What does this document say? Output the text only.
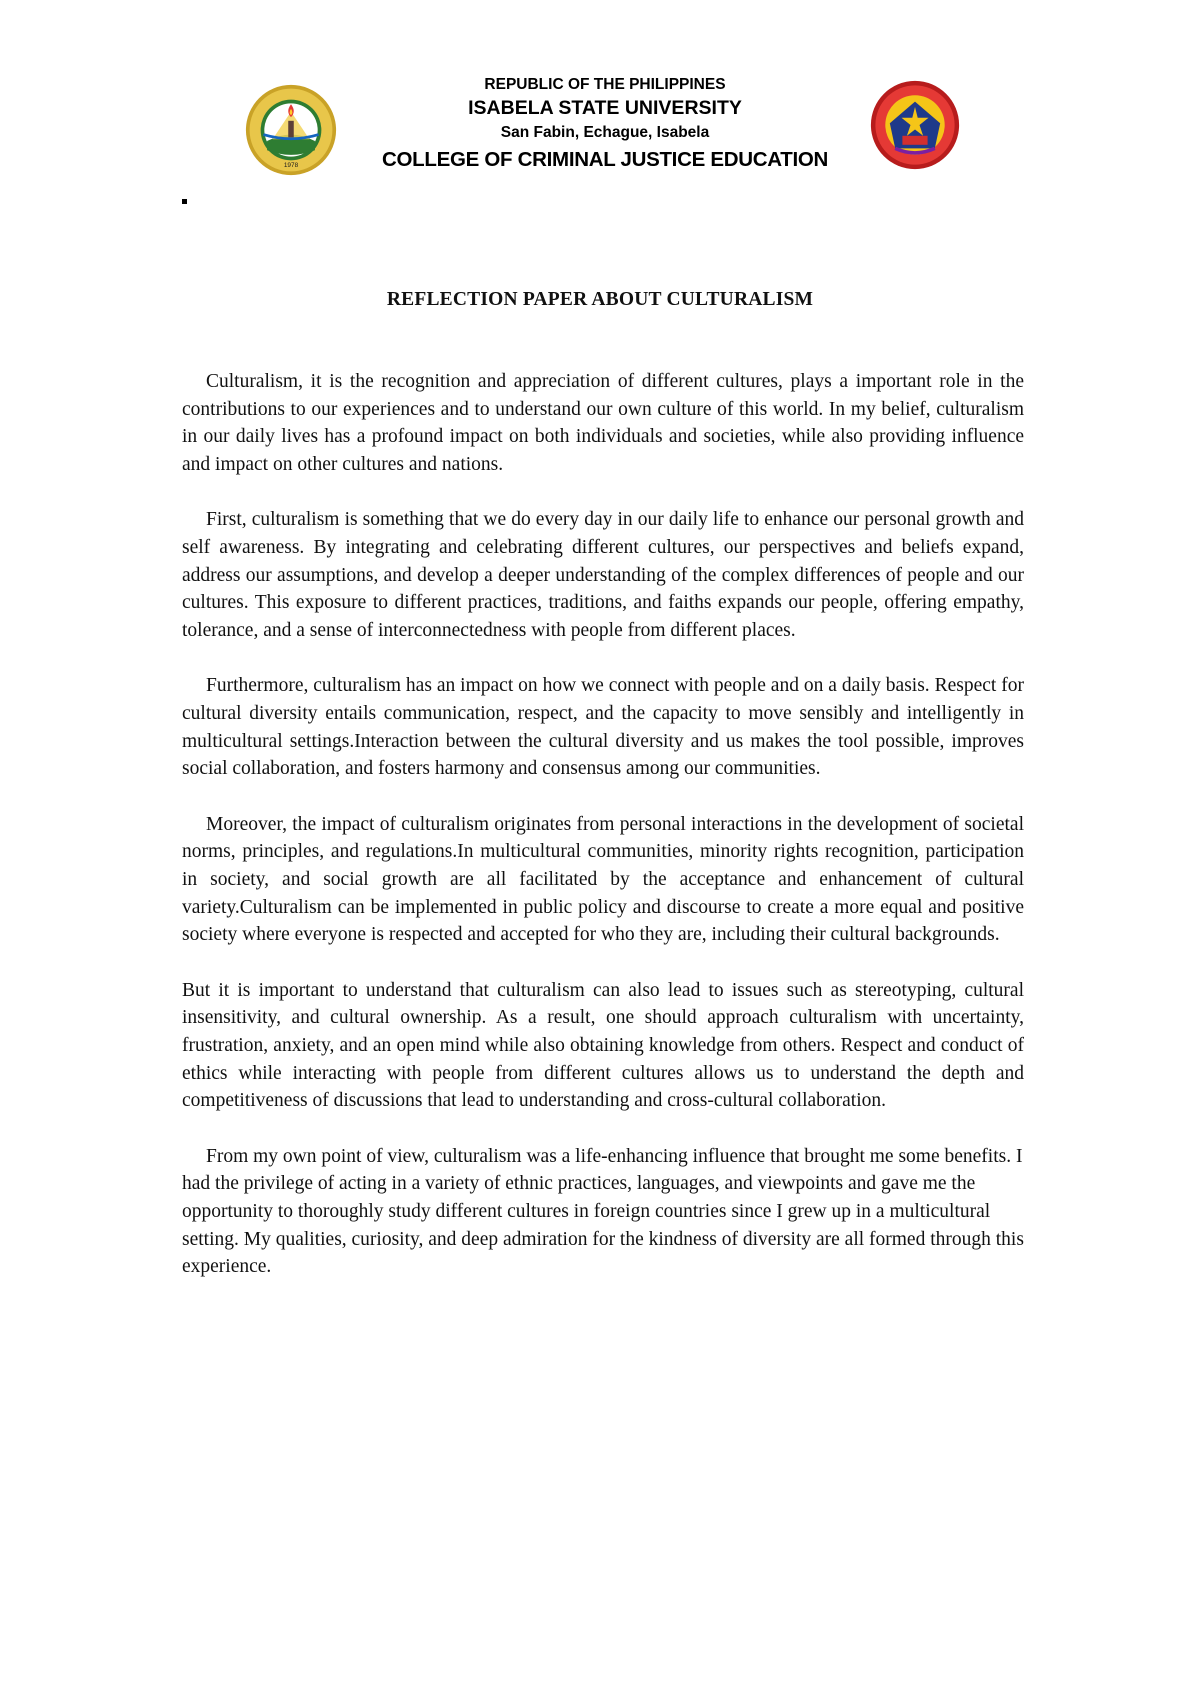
1978
REPUBLIC OF THE PHILIPPINES
ISABELA STATE UNIVERSITY
San Fabin, Echague, Isabela
COLLEGE OF CRIMINAL JUSTICE EDUCATION
REFLECTION PAPER ABOUT CULTURALISM

Culturalism, it is the recognition and appreciation of different cultures, plays a important role in the contributions to our experiences and to understand our own culture of this world. In my belief, culturalism in our daily lives has a profound impact on both individuals and societies, while also providing influence and impact on other cultures and nations.

First, culturalism is something that we do every day in our daily life to enhance our personal growth and self awareness. By integrating and celebrating different cultures, our perspectives and beliefs expand, address our assumptions, and develop a deeper understanding of the complex differences of people and our cultures. This exposure to different practices, traditions, and faiths expands our people, offering empathy, tolerance, and a sense of interconnectedness with people from different places.

Furthermore, culturalism has an impact on how we connect with people and on a daily basis. Respect for cultural diversity entails communication, respect, and the capacity to move sensibly and intelligently in multicultural settings.Interaction between the cultural diversity and us makes the tool possible, improves social collaboration, and fosters harmony and consensus among our communities.

Moreover, the impact of culturalism originates from personal interactions in the development of societal norms, principles, and regulations.In multicultural communities, minority rights recognition, participation in society, and social growth are all facilitated by the acceptance and enhancement of cultural variety.Culturalism can be implemented in public policy and discourse to create a more equal and positive society where everyone is respected and accepted for who they are, including their cultural backgrounds.

But it is important to understand that culturalism can also lead to issues such as stereotyping, cultural insensitivity, and cultural ownership. As a result, one should approach culturalism with uncertainty, frustration, anxiety, and an open mind while also obtaining knowledge from others. Respect and conduct of ethics while interacting with people from different cultures allows us to understand the depth and competitiveness of discussions that lead to understanding and cross-cultural collaboration.

From my own point of view, culturalism was a life-enhancing influence that brought me some benefits. I had the privilege of acting in a variety of ethnic practices, languages, and viewpoints and gave me the opportunity to thoroughly study different cultures in foreign countries since I grew up in a multicultural setting. My qualities, curiosity, and deep admiration for the kindness of diversity are all formed through this experience.
